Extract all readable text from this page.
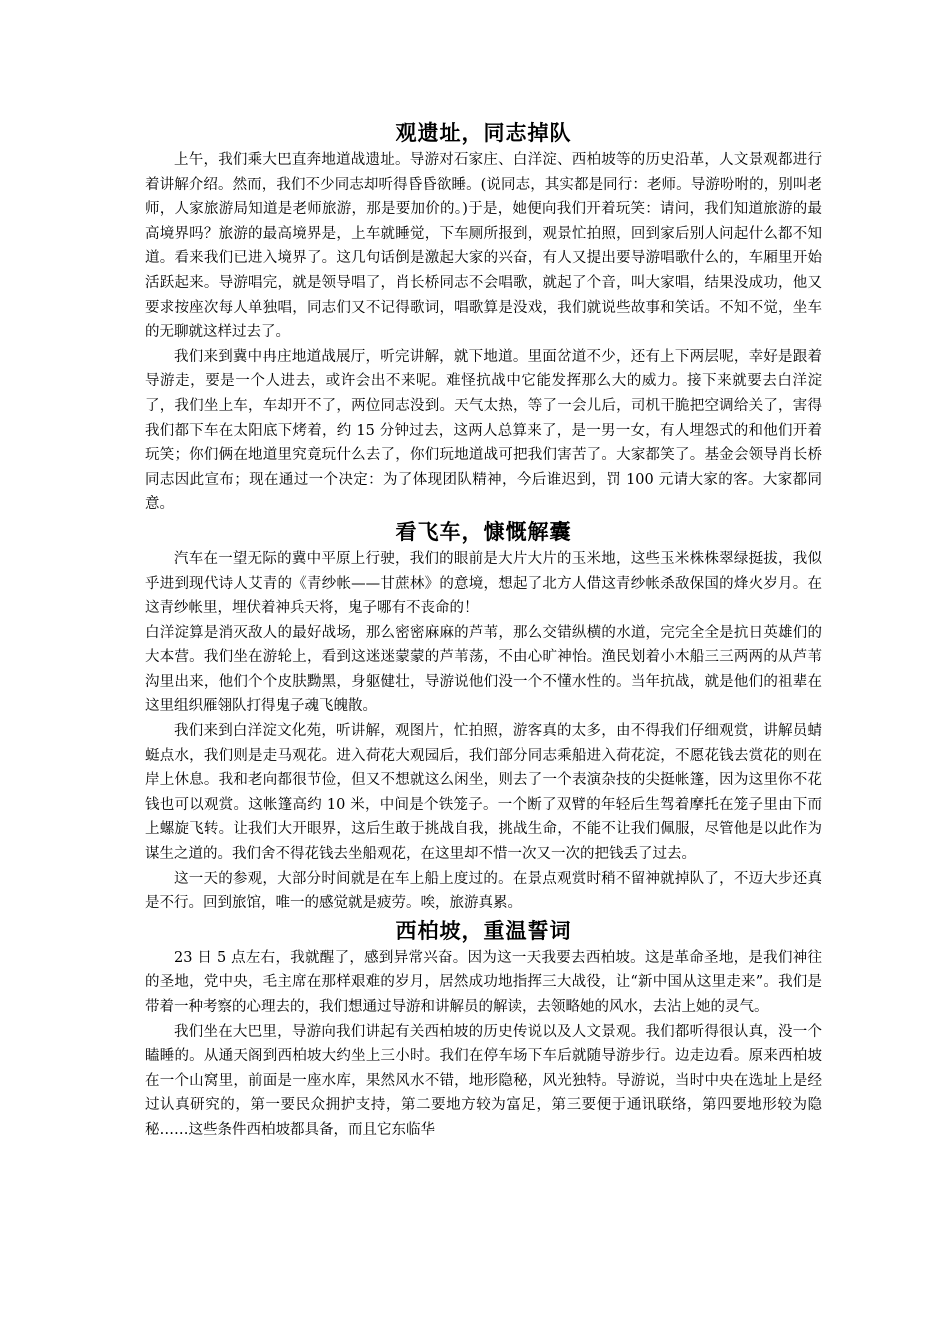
观遗址，同志掉队

上午，我们乘大巴直奔地道战遗址。导游对石家庄、白洋淀、西柏坡等的历史沿革，人文景观都进行着讲解介绍。然而，我们不少同志却听得昏昏欲睡。(说同志，其实都是同行：老师。导游吩咐的，别叫老师，人家旅游局知道是老师旅游，那是要加价的。)于是，她便向我们开着玩笑：请问，我们知道旅游的最高境界吗？旅游的最高境界是，上车就睡觉，下车厕所报到，观景忙拍照，回到家后别人问起什么都不知道。看来我们已进入境界了。这几句话倒是激起大家的兴奋，有人又提出要导游唱歌什么的，车厢里开始活跃起来。导游唱完，就是领导唱了，肖长桥同志不会唱歌，就起了个音，叫大家唱，结果没成功，他又要求按座次每人单独唱，同志们又不记得歌词，唱歌算是没戏，我们就说些故事和笑话。不知不觉，坐车的无聊就这样过去了。

我们来到冀中冉庄地道战展厅，听完讲解，就下地道。里面岔道不少，还有上下两层呢，幸好是跟着导游走，要是一个人进去，或许会出不来呢。难怪抗战中它能发挥那么大的威力。接下来就要去白洋淀了，我们坐上车，车却开不了，两位同志没到。天气太热，等了一会儿后，司机干脆把空调给关了，害得我们都下车在太阳底下烤着，约 15 分钟过去，这两人总算来了，是一男一女，有人埋怨式的和他们开着玩笑；你们俩在地道里究竟玩什么去了，你们玩地道战可把我们害苦了。大家都笑了。基金会领导肖长桥同志因此宣布；现在通过一个决定：为了体现团队精神，今后谁迟到，罚 100 元请大家的客。大家都同意。

看飞车，慷慨解囊

汽车在一望无际的冀中平原上行驶，我们的眼前是大片大片的玉米地，这些玉米株株翠绿挺拔，我似乎进到现代诗人艾青的《青纱帐——甘蔗林》的意境，想起了北方人借这青纱帐杀敌保国的烽火岁月。在这青纱帐里，埋伏着神兵天将，鬼子哪有不丧命的！

白洋淀算是消灭敌人的最好战场，那么密密麻麻的芦苇，那么交错纵横的水道，完完全全是抗日英雄们的大本营。我们坐在游轮上，看到这迷迷蒙蒙的芦苇荡，不由心旷神怡。渔民划着小木船三三两两的从芦苇沟里出来，他们个个皮肤黝黑，身躯健壮，导游说他们没一个不懂水性的。当年抗战，就是他们的祖辈在这里组织雁翎队打得鬼子魂飞魄散。

我们来到白洋淀文化苑，听讲解，观图片，忙拍照，游客真的太多，由不得我们仔细观赏，讲解员蜻蜓点水，我们则是走马观花。进入荷花大观园后，我们部分同志乘船进入荷花淀，不愿花钱去赏花的则在岸上休息。我和老向都很节俭，但又不想就这么闲坐，则去了一个表演杂技的尖挺帐篷，因为这里你不花钱也可以观赏。这帐篷高约 10 米，中间是个铁笼子。一个断了双臂的年轻后生驾着摩托在笼子里由下而上螺旋飞转。让我们大开眼界，这后生敢于挑战自我，挑战生命，不能不让我们佩服，尽管他是以此作为谋生之道的。我们舍不得花钱去坐船观花，在这里却不惜一次又一次的把钱丢了过去。

这一天的参观，大部分时间就是在车上船上度过的。在景点观赏时稍不留神就掉队了，不迈大步还真是不行。回到旅馆，唯一的感觉就是疲劳。唉，旅游真累。

西柏坡，重温誓词

23 日 5 点左右，我就醒了，感到异常兴奋。因为这一天我要去西柏坡。这是革命圣地，是我们神往的圣地，党中央，毛主席在那样艰难的岁月，居然成功地指挥三大战役，让“新中国从这里走来”。我们是带着一种考察的心理去的，我们想通过导游和讲解员的解读，去领略她的风水，去沾上她的灵气。

我们坐在大巴里，导游向我们讲起有关西柏坡的历史传说以及人文景观。我们都听得很认真，没一个瞌睡的。从通天阁到西柏坡大约坐上三小时。我们在停车场下车后就随导游步行。边走边看。原来西柏坡在一个山窝里，前面是一座水库，果然风水不错，地形隐秘，风光独特。导游说，当时中央在选址上是经过认真研究的，第一要民众拥护支持，第二要地方较为富足，第三要便于通讯联络，第四要地形较为隐秘……这些条件西柏坡都具备，而且它东临华
